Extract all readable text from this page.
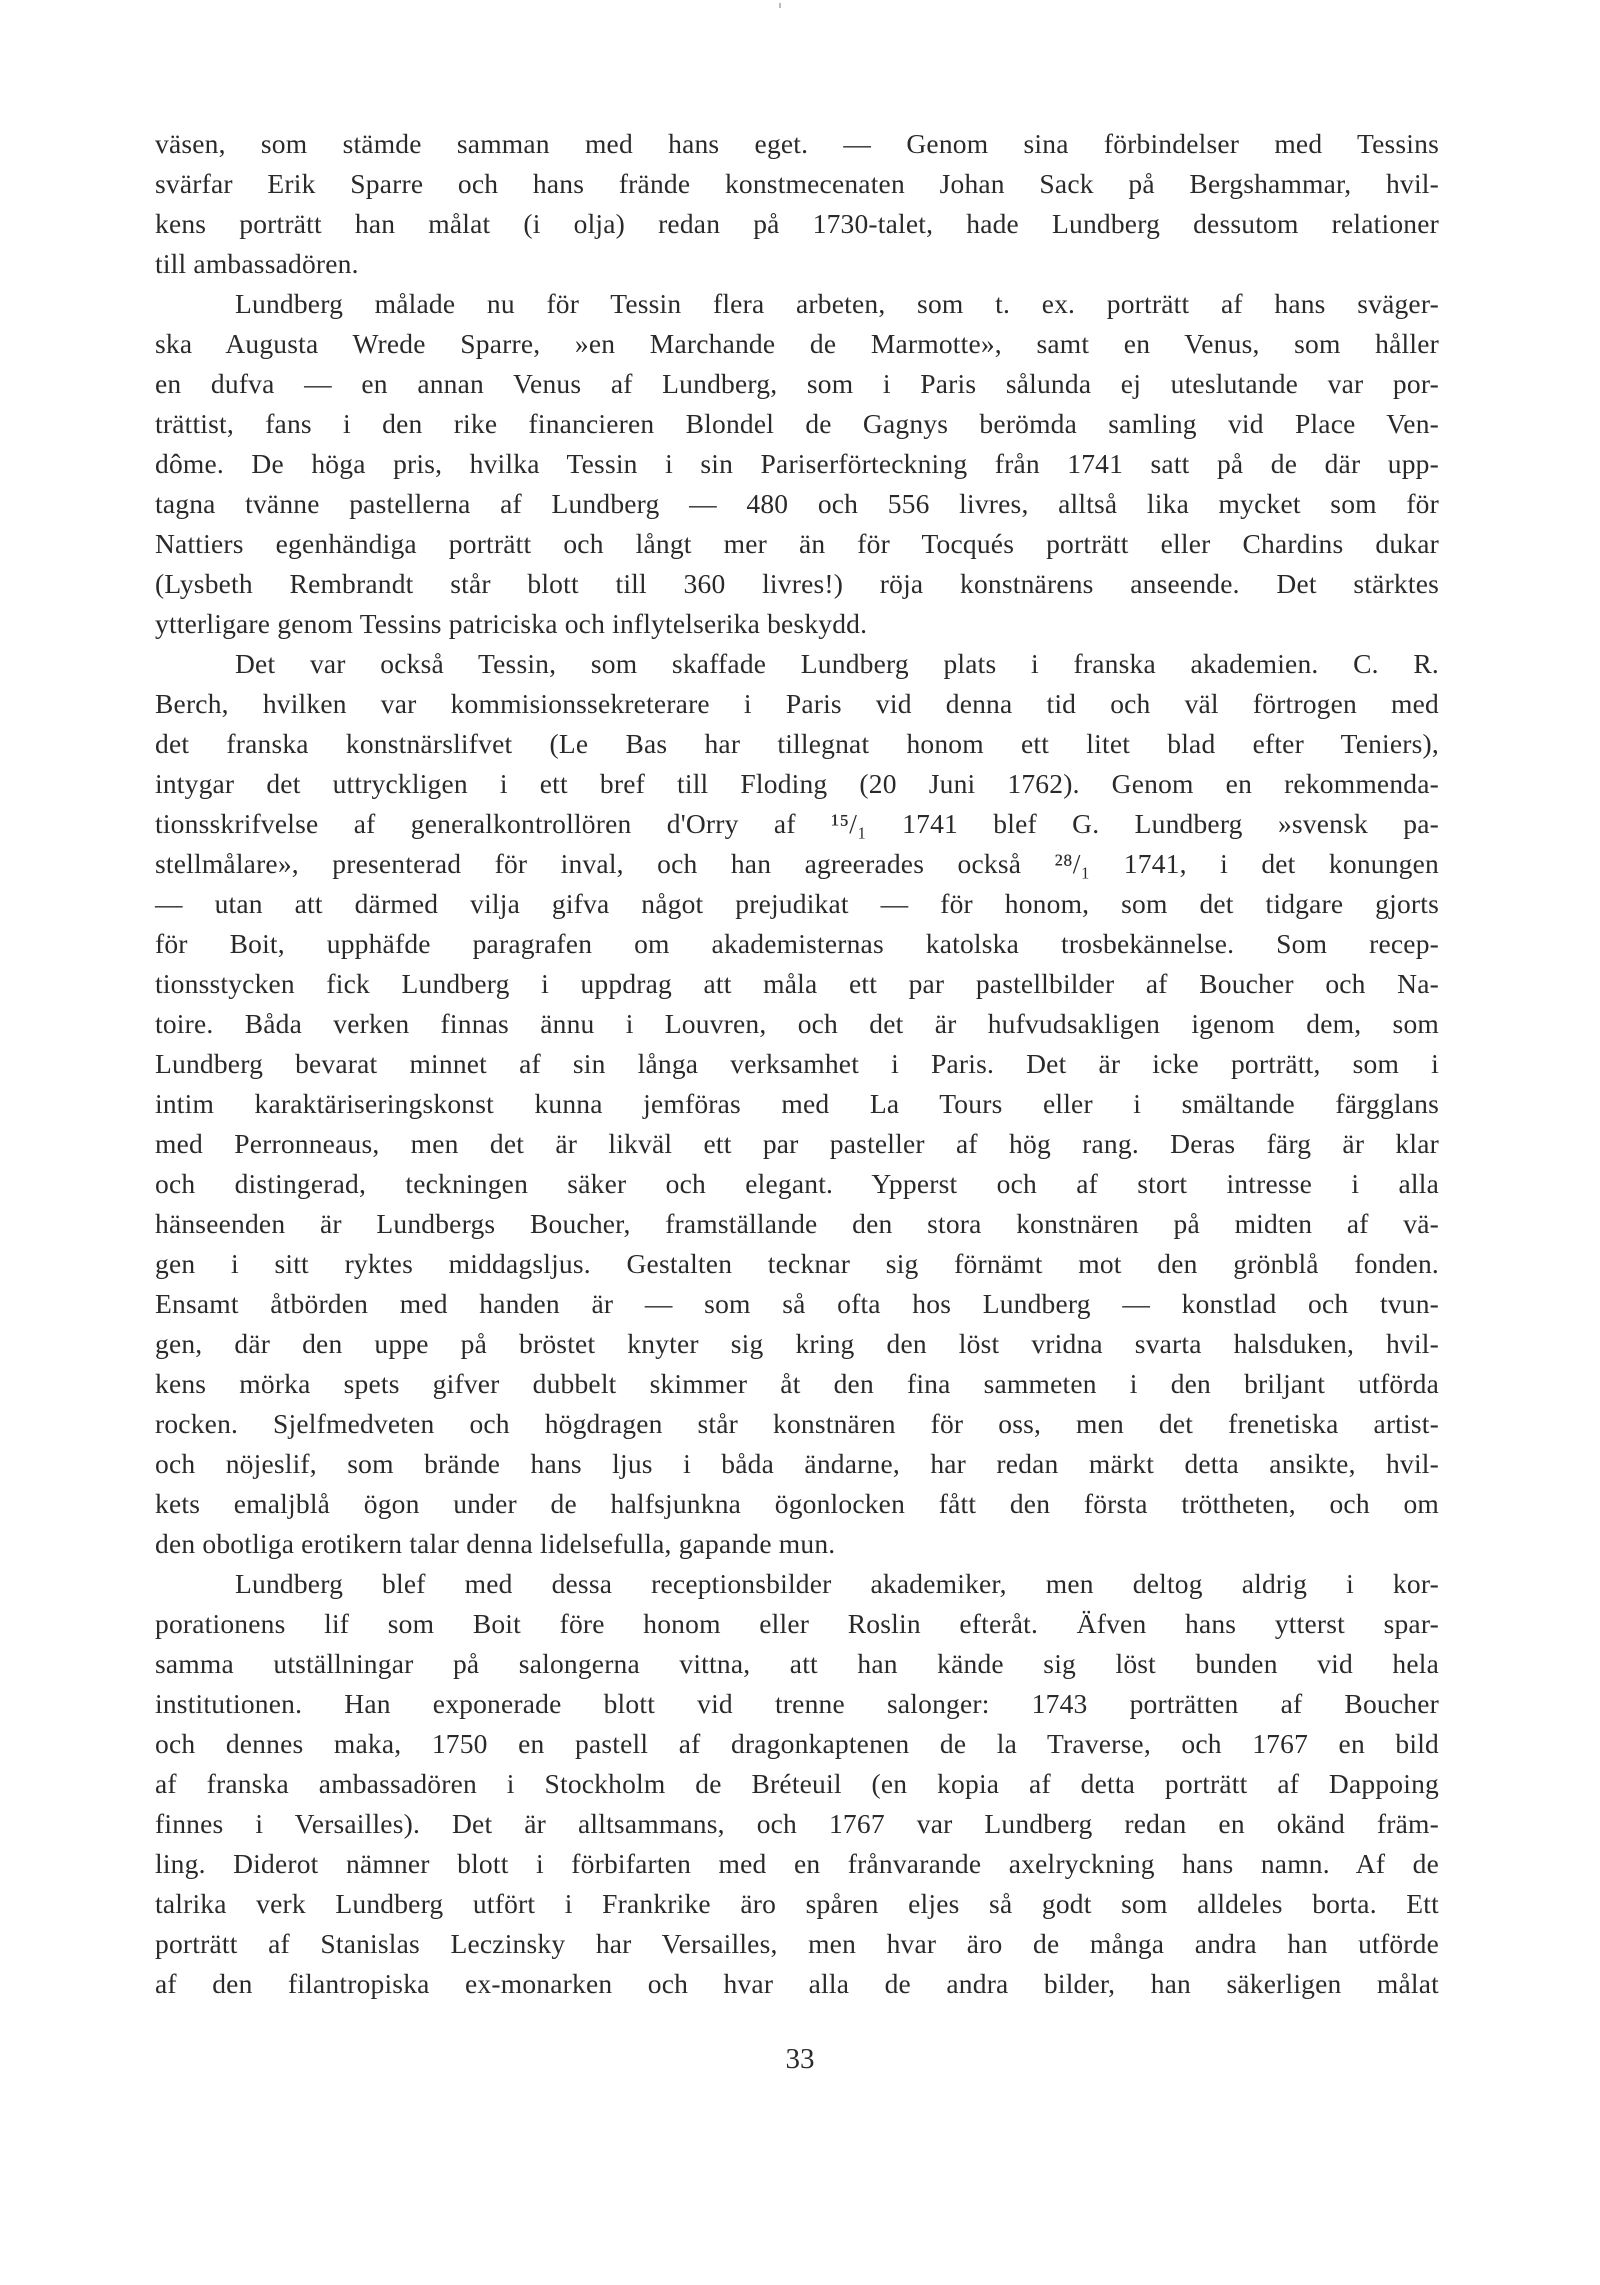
väsen, som stämde samman med hans eget. — Genom sina förbindelser med Tessins
svärfar Erik Sparre och hans frände konstmecenaten Johan Sack på Bergshammar, hvil-
kens porträtt han målat (i olja) redan på 1730-talet, hade Lundberg dessutom relationer
till ambassadören.
Lundberg målade nu för Tessin flera arbeten, som t. ex. porträtt af hans sväger-
ska Augusta Wrede Sparre, »en Marchande de Marmotte», samt en Venus, som håller
en dufva — en annan Venus af Lundberg, som i Paris sålunda ej uteslutande var por-
trättist, fans i den rike financieren Blondel de Gagnys berömda samling vid Place Ven-
dôme. De höga pris, hvilka Tessin i sin Pariserförteckning från 1741 satt på de där upp-
tagna tvänne pastellerna af Lundberg — 480 och 556 livres, alltså lika mycket som för
Nattiers egenhändiga porträtt och långt mer än för Tocqués porträtt eller Chardins dukar
(Lysbeth Rembrandt står blott till 360 livres!) röja konstnärens anseende. Det stärktes
ytterligare genom Tessins patriciska och inflytelserika beskydd.
Det var också Tessin, som skaffade Lundberg plats i franska akademien. C. R.
Berch, hvilken var kommisionssekreterare i Paris vid denna tid och väl förtrogen med
det franska konstnärslifvet (Le Bas har tillegnat honom ett litet blad efter Teniers),
intygar det uttryckligen i ett bref till Floding (20 Juni 1762). Genom en rekommenda-
tionsskrifvelse af generalkontrollören d'Orry af ¹⁵/₁ 1741 blef G. Lundberg »svensk pa-
stellmålare», presenterad för inval, och han agreerades också ²⁸/₁ 1741, i det konungen
— utan att därmed vilja gifva något prejudikat — för honom, som det tidgare gjorts
för Boit, upphäfde paragrafen om akademisternas katolska trosbekännelse. Som recep-
tionsstycken fick Lundberg i uppdrag att måla ett par pastellbilder af Boucher och Na-
toire. Båda verken finnas ännu i Louvren, och det är hufvudsakligen igenom dem, som
Lundberg bevarat minnet af sin långa verksamhet i Paris. Det är icke porträtt, som i
intim karaktäriseringskonst kunna jemföras med La Tours eller i smältande färgglans
med Perronneaus, men det är likväl ett par pasteller af hög rang. Deras färg är klar
och distingerad, teckningen säker och elegant. Ypperst och af stort intresse i alla
hänseenden är Lundbergs Boucher, framställande den stora konstnären på midten af vä-
gen i sitt ryktes middagsljus. Gestalten tecknar sig förnämt mot den grönblå fonden.
Ensamt åtbörden med handen är — som så ofta hos Lundberg — konstlad och tvun-
gen, där den uppe på bröstet knyter sig kring den löst vridna svarta halsduken, hvil-
kens mörka spets gifver dubbelt skimmer åt den fina sammeten i den briljant utförda
rocken. Sjelfmedveten och högdragen står konstnären för oss, men det frenetiska artist-
och nöjeslif, som brände hans ljus i båda ändarne, har redan märkt detta ansikte, hvil-
kets emaljblå ögon under de halfsjunkna ögonlocken fått den första tröttheten, och om
den obotliga erotikern talar denna lidelsefulla, gapande mun.
Lundberg blef med dessa receptionsbilder akademiker, men deltog aldrig i kor-
porationens lif som Boit före honom eller Roslin efteråt. Äfven hans ytterst spar-
samma utställningar på salongerna vittna, att han kände sig löst bunden vid hela
institutionen. Han exponerade blott vid trenne salonger: 1743 porträtten af Boucher
och dennes maka, 1750 en pastell af dragonkaptenen de la Traverse, och 1767 en bild
af franska ambassadören i Stockholm de Bréteuil (en kopia af detta porträtt af Dappoing
finnes i Versailles). Det är alltsammans, och 1767 var Lundberg redan en okänd främ-
ling. Diderot nämner blott i förbifarten med en frånvarande axelryckning hans namn. Af de
talrika verk Lundberg utfört i Frankrike äro spåren eljes så godt som alldeles borta. Ett
porträtt af Stanislas Leczinsky har Versailles, men hvar äro de många andra han utförde
af den filantropiska ex-monarken och hvar alla de andra bilder, han säkerligen målat
33
